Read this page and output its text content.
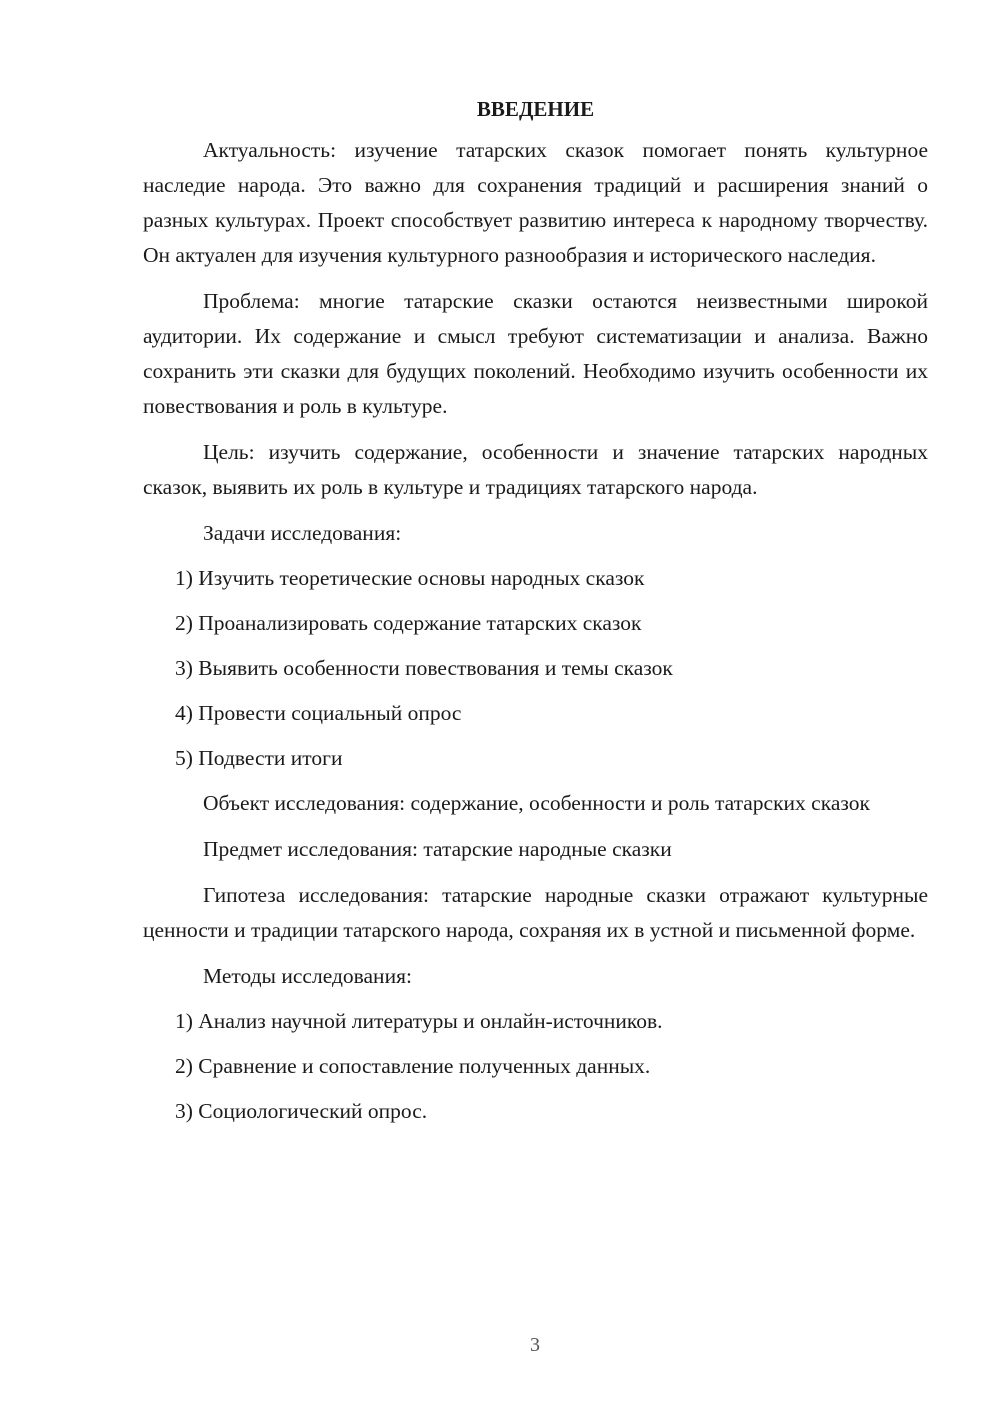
ВВЕДЕНИЕ

Актуальность: изучение татарских сказок помогает понять культурное наследие народа. Это важно для сохранения традиций и расширения знаний о разных культурах. Проект способствует развитию интереса к народному творчеству. Он актуален для изучения культурного разнообразия и исторического наследия.

Проблема: многие татарские сказки остаются неизвестными широкой аудитории. Их содержание и смысл требуют систематизации и анализа. Важно сохранить эти сказки для будущих поколений. Необходимо изучить особенности их повествования и роль в культуре.

Цель: изучить содержание, особенности и значение татарских народных сказок, выявить их роль в культуре и традициях татарского народа.

Задачи исследования:
1) Изучить теоретические основы народных сказок
2) Проанализировать содержание татарских сказок
3) Выявить особенности повествования и темы сказок
4) Провести социальный опрос
5) Подвести итоги

Объект исследования: содержание, особенности и роль татарских сказок

Предмет исследования: татарские народные сказки

Гипотеза исследования: татарские народные сказки отражают культурные ценности и традиции татарского народа, сохраняя их в устной и письменной форме.

Методы исследования:
1) Анализ научной литературы и онлайн-источников.
2) Сравнение и сопоставление полученных данных.
3) Социологический опрос.
3
